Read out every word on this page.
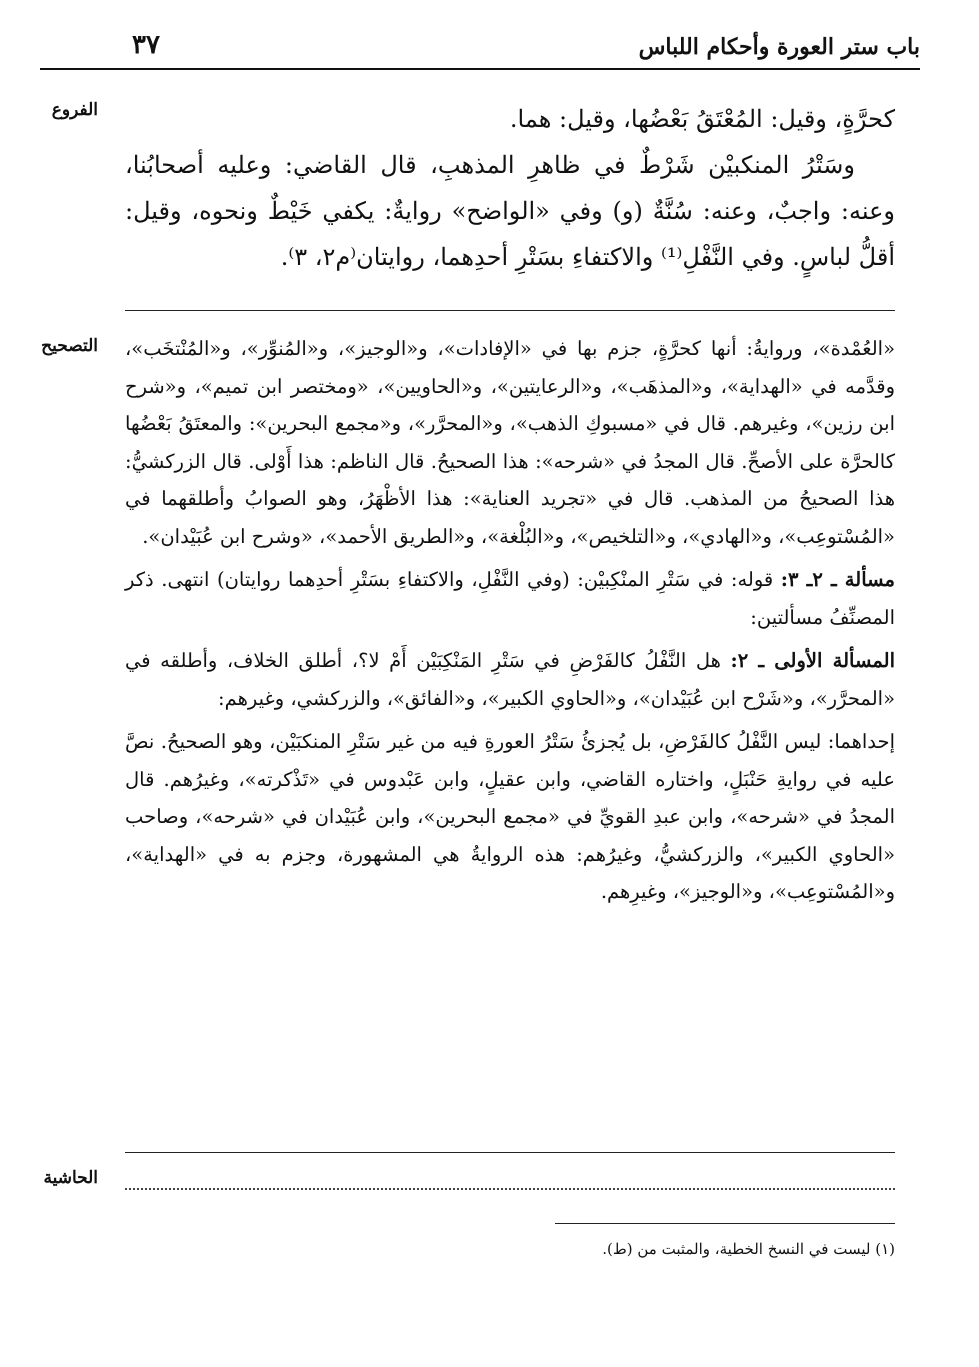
باب ستر العورة وأحكام اللباس
٣٧
الفروع
التصحيح
الحاشية

كحرَّةٍ، وقيل: المُعْتَقُ بَعْضُها، وقيل: هما.

وسَتْرُ المنكبيْن شَرْطٌ في ظاهرِ المذهبِ، قال القاضي: وعليه أصحابُنا، وعنه: واجبٌ، وعنه: سُنَّةٌ (و) وفي «الواضح» روايةٌ: يكفي خَيْطٌ ونحوه، وقيل: أقلُّ لباسٍ. وفي النَّفْلِ⁽¹⁾ والاكتفاءِ بسَتْرِ أحدِهما، روايتان⁽م٢، ٣⁾.

«العُمْدة»، وروايةُ: أنها كحرَّةٍ، جزم بها في «الإفادات»، و«الوجيز»، و«المُنوِّر»، و«المُنْتخَب»، وقدَّمه في «الهداية»، و«المذهَب»، و«الرعايتين»، و«الحاويين»، «ومختصر ابن تميم»، و«شرح ابن رزين»، وغيرهم. قال في «مسبوكِ الذهب»، و«المحرَّر»، و«مجمع البحرين»: والمعتَقُ بَعْضُها كالحرَّة على الأصحِّ. قال المجدُ في «شرحه»: هذا الصحيحُ. قال الناظم: هذا أَوْلى. قال الزركشيُّ: هذا الصحيحُ من المذهب. قال في «تجريد العناية»: هذا الأظْهَرُ، وهو الصوابُ وأطلقهما في «المُسْتوعِب»، و«الهادي»، و«التلخيص»، و«البُلْغة»، و«الطريق الأحمد»، «وشرح ابن عُبَيْدان».

مسألة ـ ٢ـ ٣: قوله: في سَتْرِ المنْكِبيْن: (وفي النَّفْلِ، والاكتفاءِ بسَتْرِ أحدِهما روايتان) انتهى. ذكر المصنِّفُ مسألتين:

المسألة الأولى ـ ٢: هل النَّفْلُ كالفَرْضِ في سَتْرِ المَنْكِبَيْن أَمْ لا؟، أطلق الخلاف، وأطلقه في «المحرَّر»، و«شَرْح ابن عُبَيْدان»، و«الحاوي الكبير»، و«الفائق»، والزركشي، وغيرهم:

إحداهما: ليس النَّفْلُ كالفَرْضِ، بل يُجزئُ سَتْرُ العورةِ فيه من غير سَتْرِ المنكبَيْن، وهو الصحيحُ. نصَّ عليه في روايةِ حَنْبَلٍ، واختاره القاضي، وابن عقيلٍ، وابن عَبْدوس في «تَذْكرته»، وغيرُهم. قال المجدُ في «شرحه»، وابن عبدِ القويِّ في «مجمع البحرين»، وابن عُبَيْدان في «شرحه»، وصاحب «الحاوي الكبير»، والزركشيُّ، وغيرُهم: هذه الروايةُ هي المشهورة، وجزم به في «الهداية»، و«المُسْتوعِب»، و«الوجيز»، وغيرِهم.

(١) ليست في النسخ الخطية، والمثبت من (ط).
